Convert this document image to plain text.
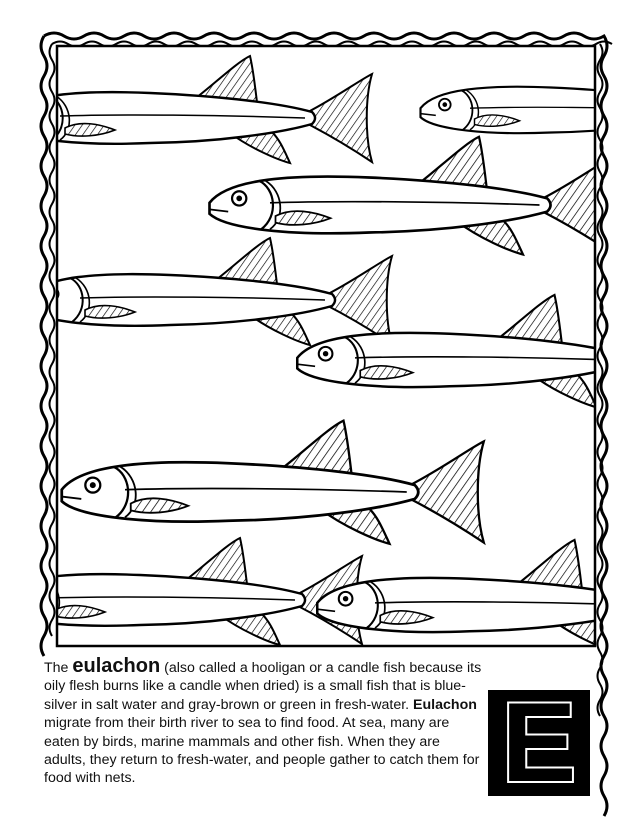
The eulachon (also called a hooligan or a candle fish because its oily flesh burns like a candle when dried) is a small fish that is blue-silver in salt water and gray-brown or green in fresh-water. Eulachon migrate from their birth river to sea to find food. At sea, many are eaten by birds, marine mammals and other fish. When they are adults, they return to fresh-water, and people gather to catch them for food with nets.	E
